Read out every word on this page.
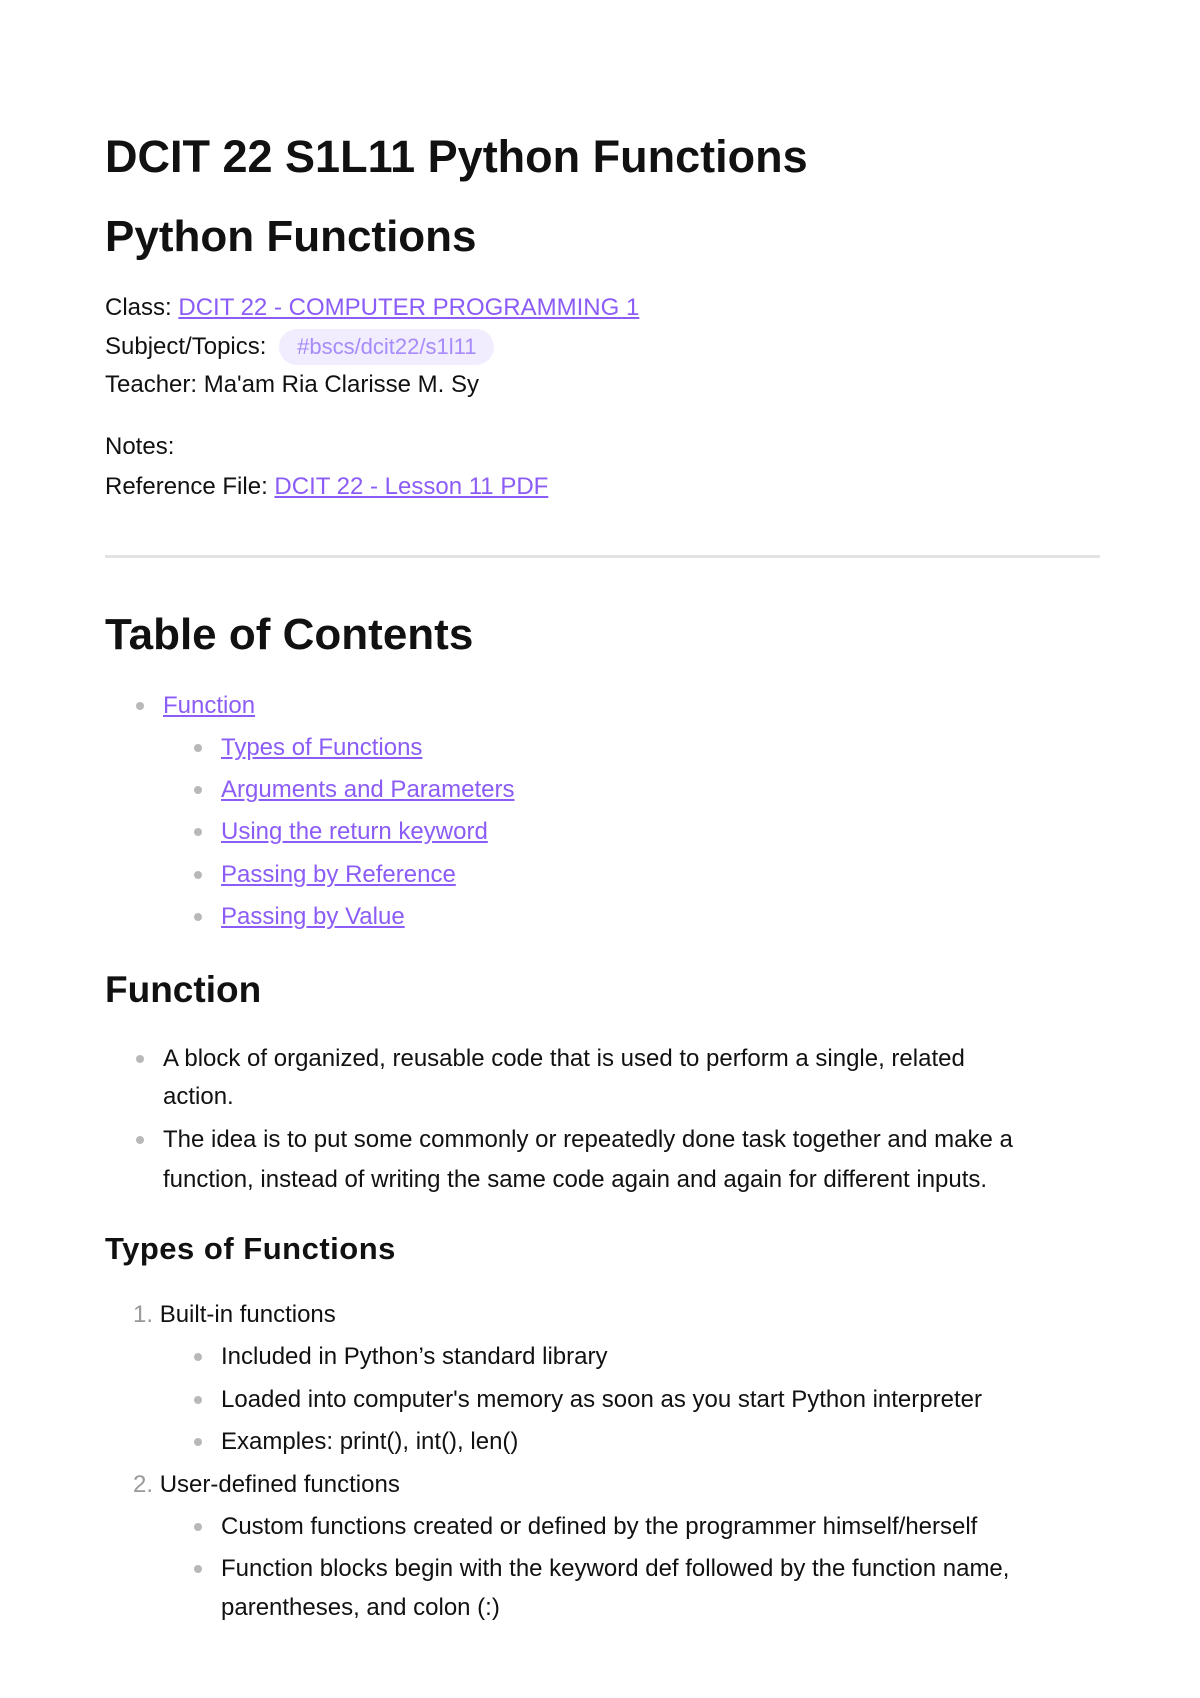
DCIT 22 S1L11 Python Functions
Python Functions
Class: DCIT 22 - COMPUTER PROGRAMMING 1
Subject/Topics: #bscs/dcit22/s1l11
Teacher: Ma'am Ria Clarisse M. Sy
Notes:
Reference File: DCIT 22 - Lesson 11 PDF
Table of Contents
Function
Types of Functions
Arguments and Parameters
Using the return keyword
Passing by Reference
Passing by Value
Function
A block of organized, reusable code that is used to perform a single, related
action.
The idea is to put some commonly or repeatedly done task together and make a
function, instead of writing the same code again and again for different inputs.
Types of Functions
1. Built-in functions
Included in Python’s standard library
Loaded into computer's memory as soon as you start Python interpreter
Examples: print(), int(), len()
2. User-defined functions
Custom functions created or defined by the programmer himself/herself
Function blocks begin with the keyword def followed by the function name,
parentheses, and colon (:)
